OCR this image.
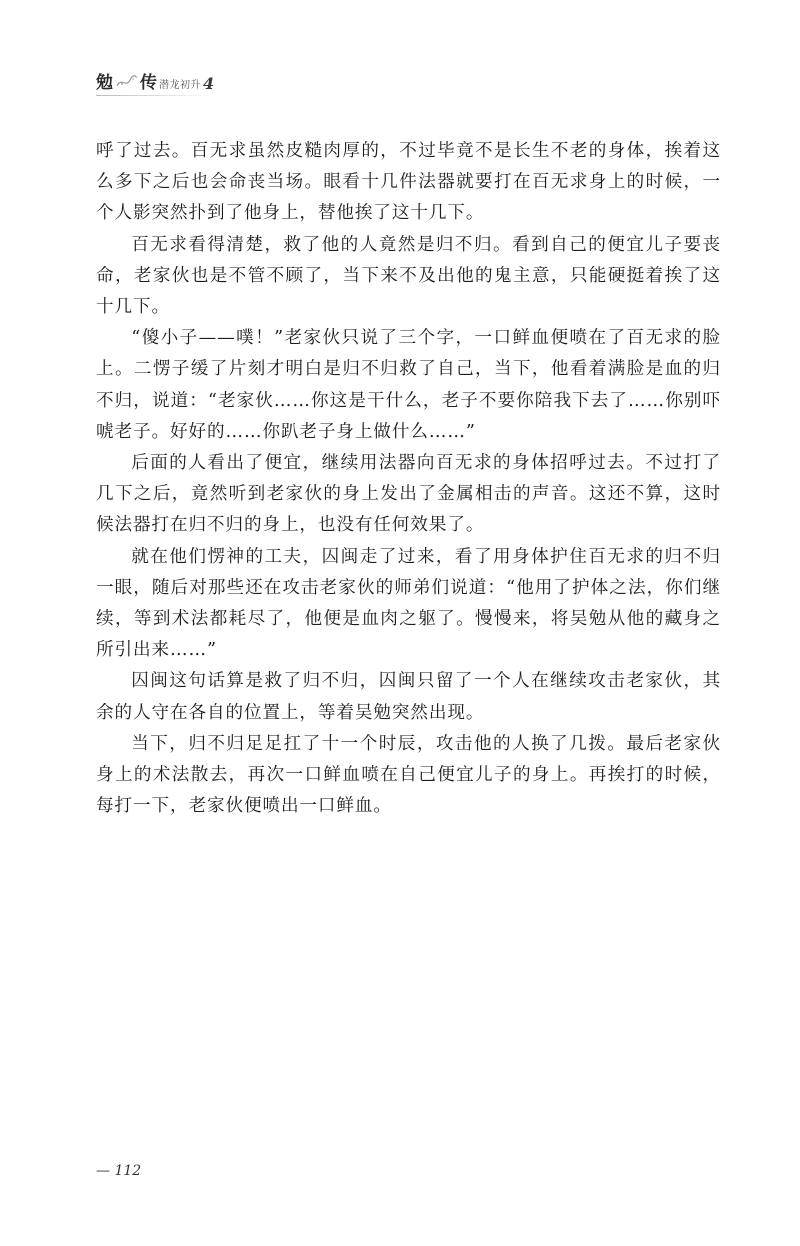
勉 传 潜龙初升 4

呼了过去。百无求虽然皮糙肉厚的，不过毕竟不是长生不老的身体，挨着这么多下之后也会命丧当场。眼看十几件法器就要打在百无求身上的时候，一个人影突然扑到了他身上，替他挨了这十几下。

百无求看得清楚，救了他的人竟然是归不归。看到自己的便宜儿子要丧命，老家伙也是不管不顾了，当下来不及出他的鬼主意，只能硬挺着挨了这十几下。

“傻小子——噗！”老家伙只说了三个字，一口鲜血便喷在了百无求的脸上。二愣子缓了片刻才明白是归不归救了自己，当下，他看着满脸是血的归不归，说道：“老家伙……你这是干什么，老子不要你陪我下去了……你别吓唬老子。好好的……你趴老子身上做什么……”

后面的人看出了便宜，继续用法器向百无求的身体招呼过去。不过打了几下之后，竟然听到老家伙的身上发出了金属相击的声音。这还不算，这时候法器打在归不归的身上，也没有任何效果了。

就在他们愣神的工夫，囚闽走了过来，看了用身体护住百无求的归不归一眼，随后对那些还在攻击老家伙的师弟们说道：“他用了护体之法，你们继续，等到术法都耗尽了，他便是血肉之躯了。慢慢来，将吴勉从他的藏身之所引出来……”

囚闽这句话算是救了归不归，囚闽只留了一个人在继续攻击老家伙，其余的人守在各自的位置上，等着吴勉突然出现。

当下，归不归足足扛了十一个时辰，攻击他的人换了几拨。最后老家伙身上的术法散去，再次一口鲜血喷在自己便宜儿子的身上。再挨打的时候，每打一下，老家伙便喷出一口鲜血。

— 112
